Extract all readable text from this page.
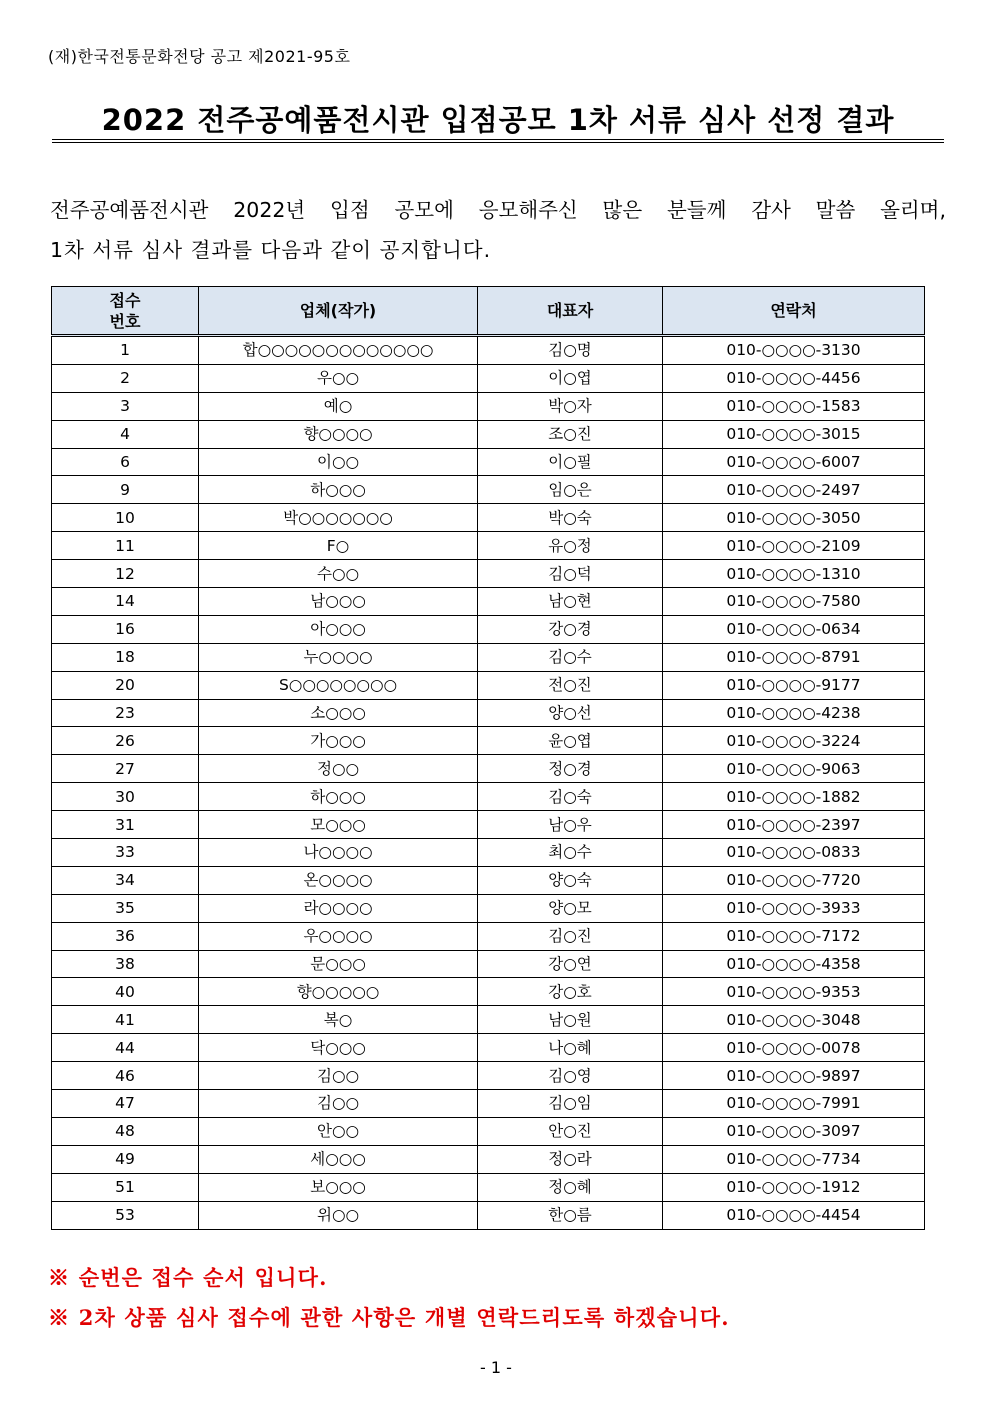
(재)한국전통문화전당 공고 제2021-95호
2022 전주공예품전시관 입점공모 1차 서류 심사 선정 결과
전주공예품전시관 2022년 입점 공모에 응모해주신 많은 분들께 감사 말씀 올리며,
1차 서류 심사 결과를 다음과 같이 공지합니다.
접수
번호	업체(작가)	대표자	연락처
1	합○○○○○○○○○○○○○	김○명	010-○○○○-3130
2	우○○	이○엽	010-○○○○-4456
3	예○	박○자	010-○○○○-1583
4	향○○○○	조○진	010-○○○○-3015
6	이○○	이○필	010-○○○○-6007
9	하○○○	임○은	010-○○○○-2497
10	박○○○○○○○	박○숙	010-○○○○-3050
11	F○	유○정	010-○○○○-2109
12	수○○	김○덕	010-○○○○-1310
14	남○○○	남○현	010-○○○○-7580
16	아○○○	강○경	010-○○○○-0634
18	누○○○○	김○수	010-○○○○-8791
20	S○○○○○○○○	전○진	010-○○○○-9177
23	소○○○	양○선	010-○○○○-4238
26	가○○○	윤○엽	010-○○○○-3224
27	정○○	정○경	010-○○○○-9063
30	하○○○	김○숙	010-○○○○-1882
31	모○○○	남○우	010-○○○○-2397
33	나○○○○	최○수	010-○○○○-0833
34	온○○○○	양○숙	010-○○○○-7720
35	라○○○○	양○모	010-○○○○-3933
36	우○○○○	김○진	010-○○○○-7172
38	문○○○	강○연	010-○○○○-4358
40	향○○○○○	강○호	010-○○○○-9353
41	복○	남○원	010-○○○○-3048
44	닥○○○	나○혜	010-○○○○-0078
46	김○○	김○영	010-○○○○-9897
47	김○○	김○임	010-○○○○-7991
48	안○○	안○진	010-○○○○-3097
49	세○○○	정○라	010-○○○○-7734
51	보○○○	정○혜	010-○○○○-1912
53	위○○	한○름	010-○○○○-4454
※ 순번은 접수 순서 입니다.
※ 2차 상품 심사 접수에 관한 사항은 개별 연락드리도록 하겠습니다.
- 1 -
